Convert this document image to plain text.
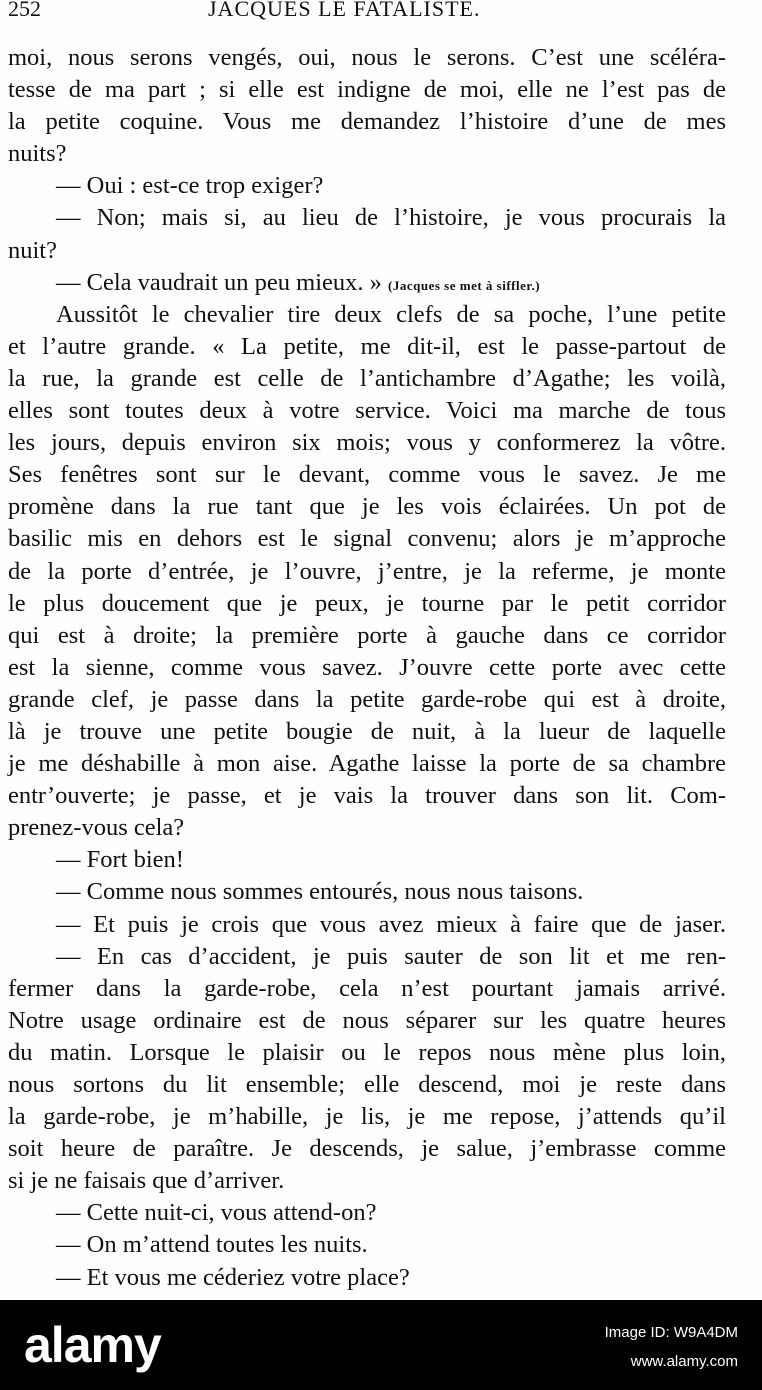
252	JACQUES LE FATALISTE.
moi, nous serons vengés, oui, nous le serons. C’est une scéléra-
tesse de ma part ; si elle est indigne de moi, elle ne l’est pas de
la petite coquine. Vous me demandez l’histoire d’une de mes
nuits?
— Oui : est-ce trop exiger?
— Non; mais si, au lieu de l’histoire, je vous procurais la
nuit?
— Cela vaudrait un peu mieux. » (Jacques se met à siffler.)
Aussitôt le chevalier tire deux clefs de sa poche, l’une petite
et l’autre grande. « La petite, me dit-il, est le passe-partout de
la rue, la grande est celle de l’antichambre d’Agathe; les voilà,
elles sont toutes deux à votre service. Voici ma marche de tous
les jours, depuis environ six mois; vous y conformerez la vôtre.
Ses fenêtres sont sur le devant, comme vous le savez. Je me
promène dans la rue tant que je les vois éclairées. Un pot de
basilic mis en dehors est le signal convenu; alors je m’approche
de la porte d’entrée, je l’ouvre, j’entre, je la referme, je monte
le plus doucement que je peux, je tourne par le petit corridor
qui est à droite; la première porte à gauche dans ce corridor
est la sienne, comme vous savez. J’ouvre cette porte avec cette
grande clef, je passe dans la petite garde-robe qui est à droite,
là je trouve une petite bougie de nuit, à la lueur de laquelle
je me déshabille à mon aise. Agathe laisse la porte de sa chambre
entr’ouverte; je passe, et je vais la trouver dans son lit. Com-
prenez-vous cela?
— Fort bien!
— Comme nous sommes entourés, nous nous taisons.
— Et puis je crois que vous avez mieux à faire que de jaser.
— En cas d’accident, je puis sauter de son lit et me ren-
fermer dans la garde-robe, cela n’est pourtant jamais arrivé.
Notre usage ordinaire est de nous séparer sur les quatre heures
du matin. Lorsque le plaisir ou le repos nous mène plus loin,
nous sortons du lit ensemble; elle descend, moi je reste dans
la garde-robe, je m’habille, je lis, je me repose, j’attends qu’il
soit heure de paraître. Je descends, je salue, j’embrasse comme
si je ne faisais que d’arriver.
— Cette nuit-ci, vous attend-on?
— On m’attend toutes les nuits.
— Et vous me céderiez votre place?
alamy	Image ID: W9A4DM
www.alamy.com
